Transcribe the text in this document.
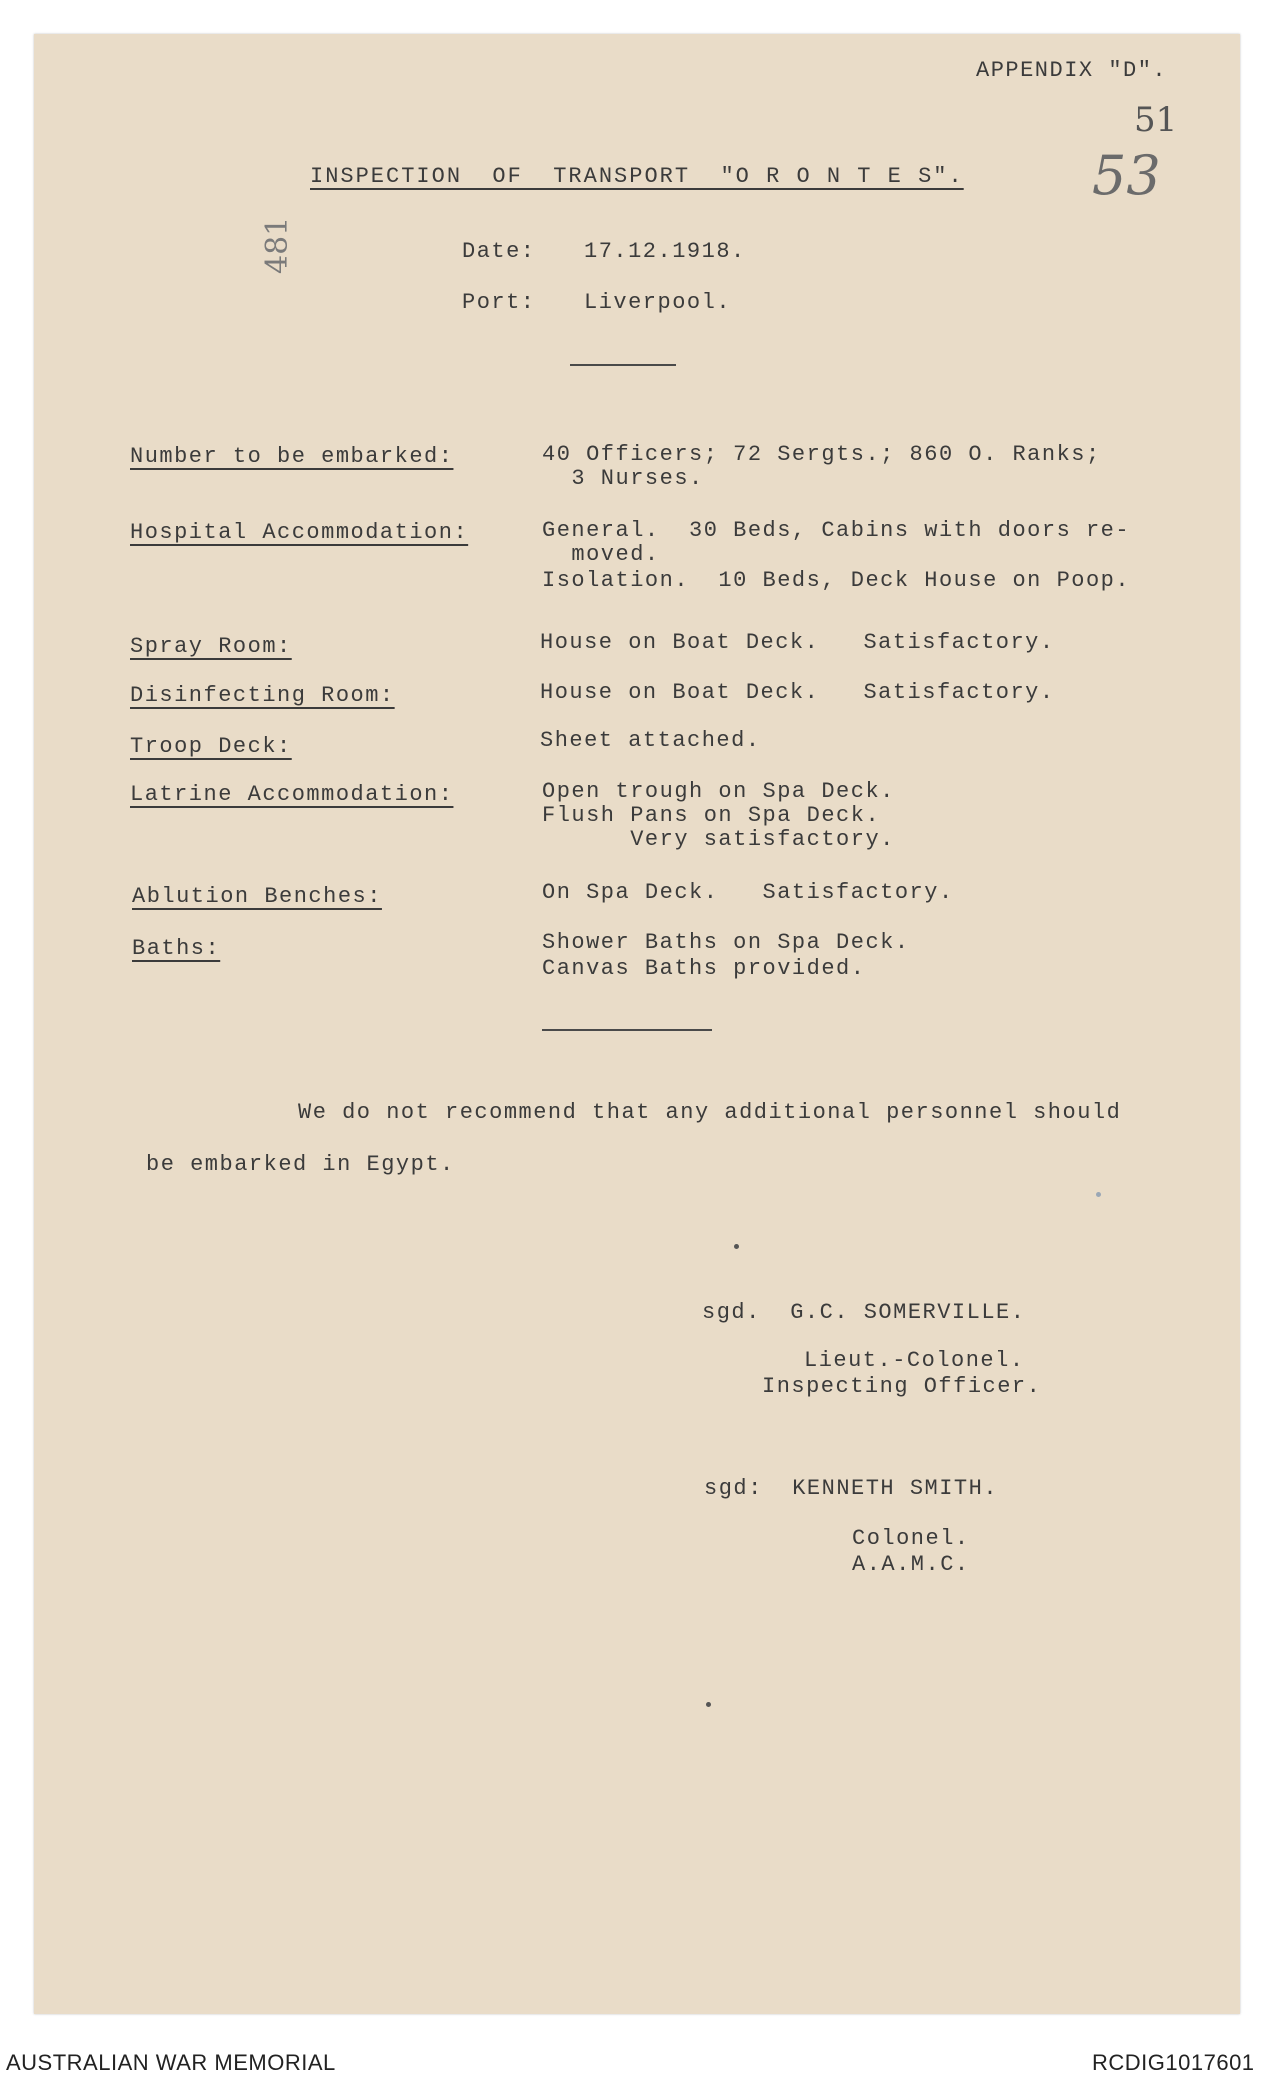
APPENDIX "D".
51
53
481
INSPECTION  OF  TRANSPORT  "O R O N T E S".
Date: 17.12.1918.
Port: Liverpool.
Number to be embarked:	40 Officers; 72 Sergts.; 860 O. Ranks;
3 Nurses.
Hospital Accommodation:	General.  30 Beds, Cabins with doors re-
moved.
Isolation.  10 Beds, Deck House on Poop.
Spray Room:	House on Boat Deck.   Satisfactory.
Disinfecting Room:	House on Boat Deck.   Satisfactory.
Troop Deck:	Sheet attached.
Latrine Accommodation:	Open trough on Spa Deck.
Flush Pans on Spa Deck.
Very satisfactory.
Ablution Benches:	On Spa Deck.   Satisfactory.
Baths:	Shower Baths on Spa Deck.
Canvas Baths provided.
We do not recommend that any additional personnel should
be embarked in Egypt.
sgd.  G.C. SOMERVILLE.
Lieut.-Colonel.
Inspecting Officer.
sgd:  KENNETH SMITH.
Colonel.
A.A.M.C.
AUSTRALIAN WAR MEMORIAL	RCDIG1017601
